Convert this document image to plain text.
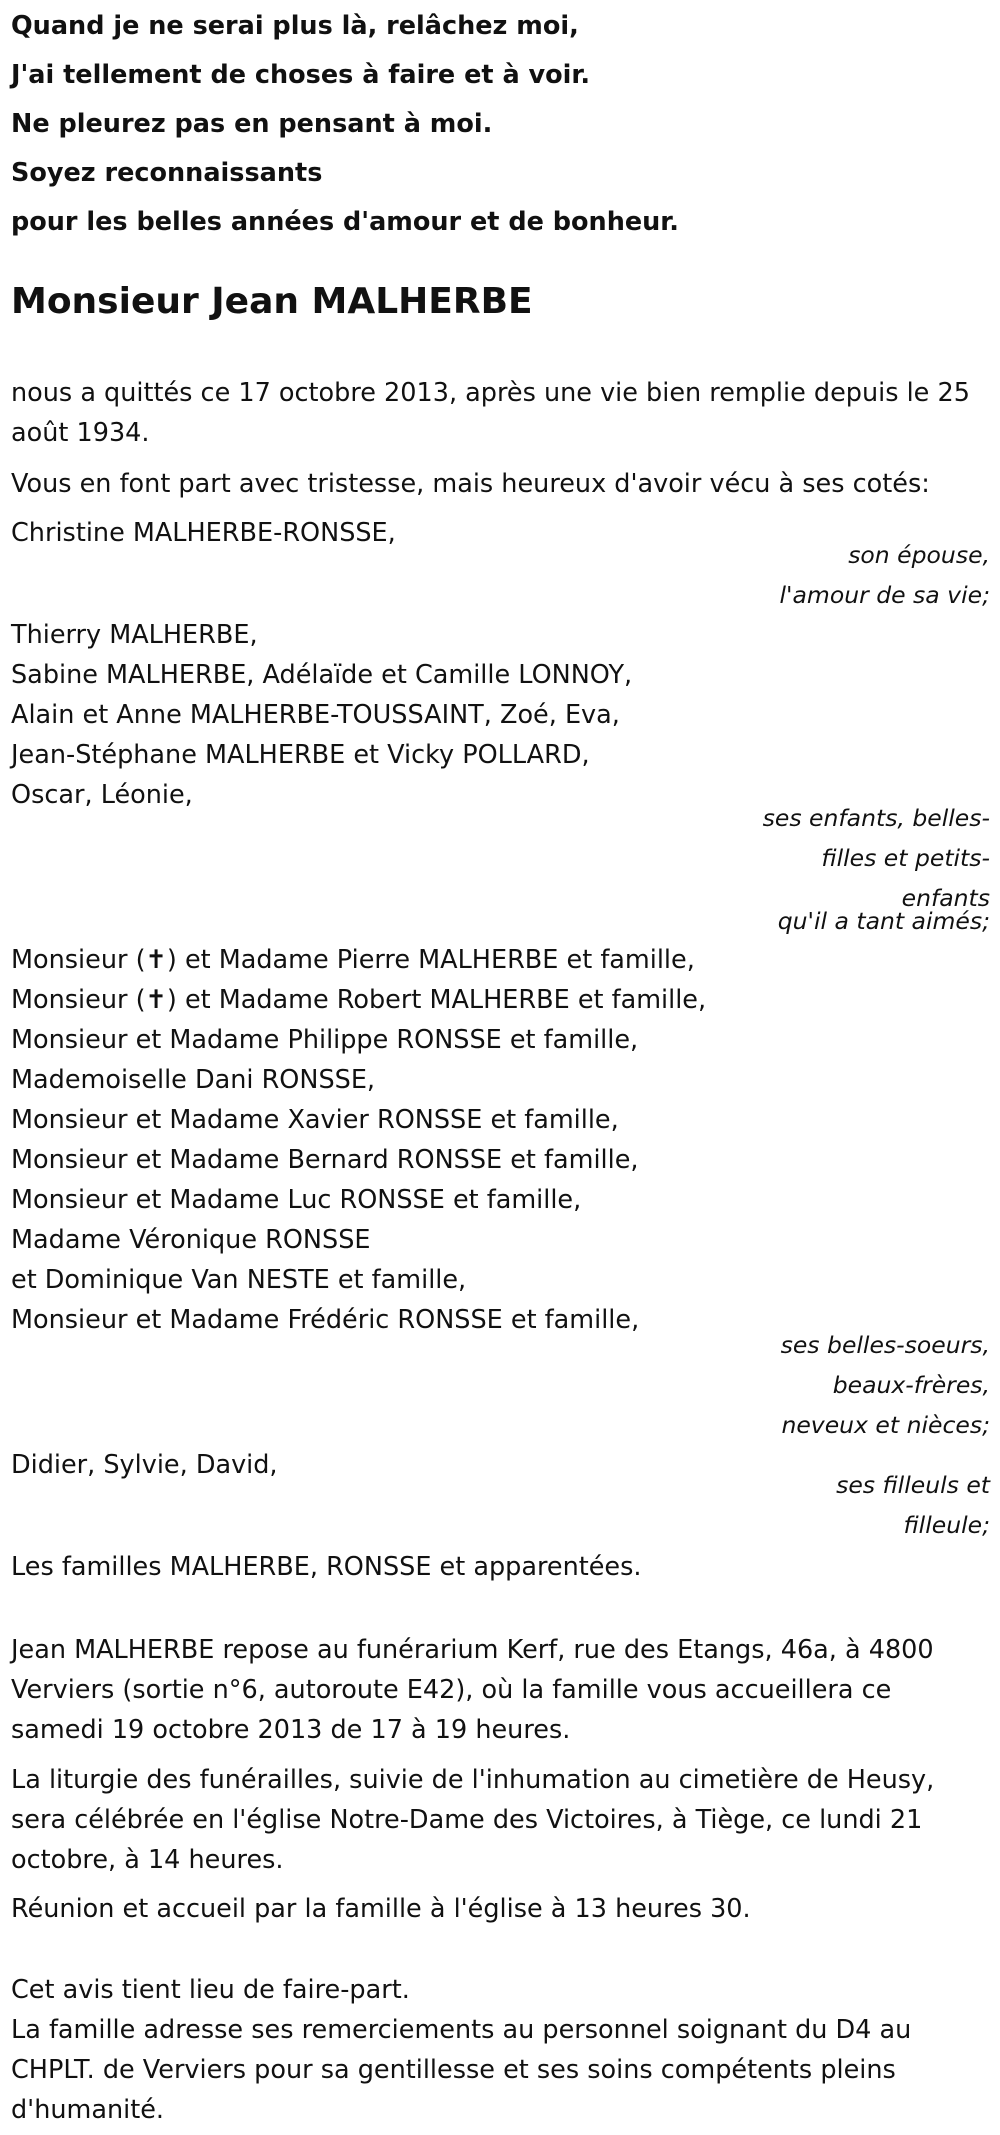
Quand je ne serai plus là, relâchez moi,
J'ai tellement de choses à faire et à voir.
Ne pleurez pas en pensant à moi.
Soyez reconnaissants
pour les belles années d'amour et de bonheur.
Monsieur Jean MALHERBE
nous a quittés ce 17 octobre 2013, après une vie bien remplie depuis le 25
août 1934.
Vous en font part avec tristesse, mais heureux d'avoir vécu à ses cotés:
Christine MALHERBE-RONSSE,
son épouse,
l'amour de sa vie;
Thierry MALHERBE,
Sabine MALHERBE, Adélaïde et Camille LONNOY,
Alain et Anne MALHERBE-TOUSSAINT, Zoé, Eva,
Jean-Stéphane MALHERBE et Vicky POLLARD,
Oscar, Léonie,
ses enfants, belles-
filles et petits-
enfants
qu'il a tant aimés;
Monsieur (✝) et Madame Pierre MALHERBE et famille,
Monsieur (✝) et Madame Robert MALHERBE et famille,
Monsieur et Madame Philippe RONSSE et famille,
Mademoiselle Dani RONSSE,
Monsieur et Madame Xavier RONSSE et famille,
Monsieur et Madame Bernard RONSSE et famille,
Monsieur et Madame Luc RONSSE et famille,
Madame Véronique RONSSE
et Dominique Van NESTE et famille,
Monsieur et Madame Frédéric RONSSE et famille,
ses belles-soeurs,
beaux-frères,
neveux et nièces;
Didier, Sylvie, David,
ses filleuls et
filleule;
Les familles MALHERBE, RONSSE et apparentées.
Jean MALHERBE repose au funérarium Kerf, rue des Etangs, 46a, à 4800
Verviers (sortie n°6, autoroute E42), où la famille vous accueillera ce
samedi 19 octobre 2013 de 17 à 19 heures.
La liturgie des funérailles, suivie de l'inhumation au cimetière de Heusy,
sera célébrée en l'église Notre-Dame des Victoires, à Tiège, ce lundi 21
octobre, à 14 heures.
Réunion et accueil par la famille à l'église à 13 heures 30.
Cet avis tient lieu de faire-part.
La famille adresse ses remerciements au personnel soignant du D4 au
CHPLT. de Verviers pour sa gentillesse et ses soins compétents pleins
d'humanité.
